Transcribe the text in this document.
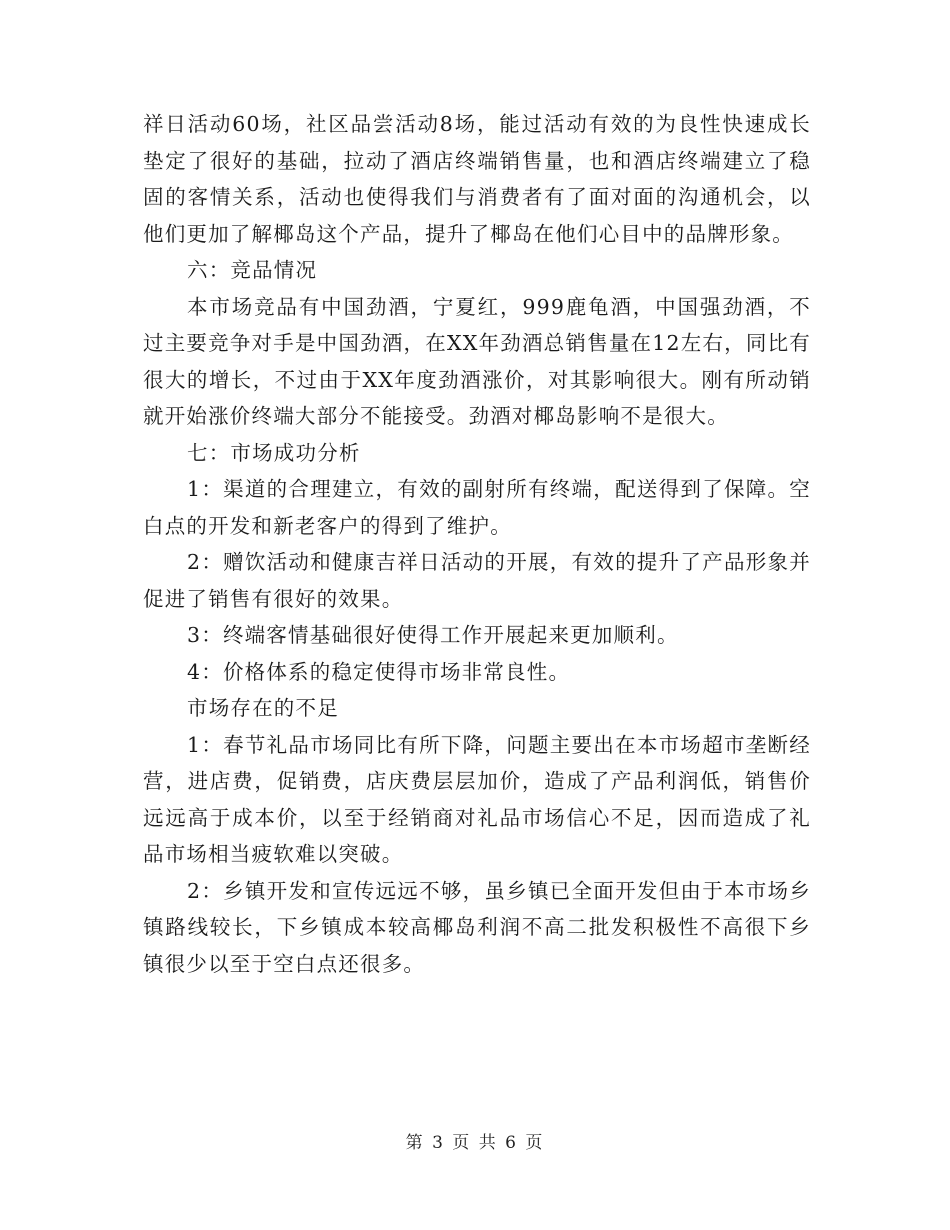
祥日活动60场，社区品尝活动8场，能过活动有效的为良性快速成长垫定了很好的基础，拉动了酒店终端销售量，也和酒店终端建立了稳固的客情关系，活动也使得我们与消费者有了面对面的沟通机会，以他们更加了解椰岛这个产品，提升了椰岛在他们心目中的品牌形象。

六：竞品情况

本市场竞品有中国劲酒，宁夏红，999鹿龟酒，中国强劲酒，不过主要竞争对手是中国劲酒，在XX年劲酒总销售量在12左右，同比有很大的增长，不过由于XX年度劲酒涨价，对其影响很大。刚有所动销就开始涨价终端大部分不能接受。劲酒对椰岛影响不是很大。

七：市场成功分析

1：渠道的合理建立，有效的副射所有终端，配送得到了保障。空白点的开发和新老客户的得到了维护。

2：赠饮活动和健康吉祥日活动的开展，有效的提升了产品形象并促进了销售有很好的效果。

3：终端客情基础很好使得工作开展起来更加顺利。

4：价格体系的稳定使得市场非常良性。

市场存在的不足

1：春节礼品市场同比有所下降，问题主要出在本市场超市垄断经营，进店费，促销费，店庆费层层加价，造成了产品利润低，销售价远远高于成本价，以至于经销商对礼品市场信心不足，因而造成了礼品市场相当疲软难以突破。

2：乡镇开发和宣传远远不够，虽乡镇已全面开发但由于本市场乡镇路线较长，下乡镇成本较高椰岛利润不高二批发积极性不高很下乡镇很少以至于空白点还很多。

第 3 页 共 6 页
